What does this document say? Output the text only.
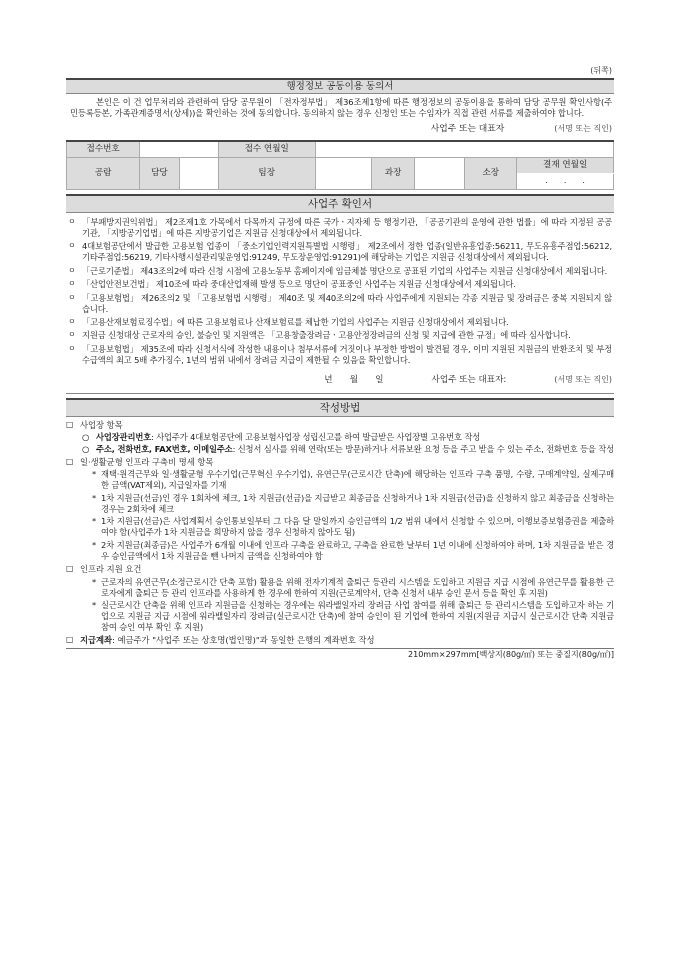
(뒤쪽)
행정정보 공동이용 동의서
본인은 이 건 업무처리와 관련하여 담당 공무원이 「전자정부법」 제36조제1항에 따른 행정정보의 공동이용을 통하여 담당 공무원 확인사항(주민등록등본, 가족관계증명서(상세))을 확인하는 것에 동의합니다. 동의하지 않는 경우 신청인 또는 수임자가 직접 관련 서류를 제출하여야 합니다.
사업주 또는 대표자	(서명 또는 직인)
접수번호			접수 연월일					
공람	담당		팀장		과장		소장	결재 연월일
								.　　.　　.
사업주 확인서
ㅇ 「부패방지권익위법」 제2조제1호 가목에서 다목까지 규정에 따른 국가ㆍ지자체 등 행정기관, 「공공기관의 운영에 관한 법률」에 따라 지정된 공공기관, 「지방공기업법」에 따른 지방공기업은 지원금 신청대상에서 제외됩니다.
ㅇ 4대보험공단에서 발급한 고용보험 업종이 「중소기업인력지원특별법 시행령」 제2조에서 정한 업종(일반유흥업종:56211, 무도유흥주점업:56212, 기타주점업:56219, 기타사행시설관리및운영업:91249, 무도장운영업:91291)에 해당하는 기업은 지원금 신청대상에서 제외됩니다.
ㅇ 「근로기준법」 제43조의2에 따라 신청 시점에 고용노동부 홈페이지에 임금체불 명단으로 공표된 기업의 사업주는 지원금 신청대상에서 제외됩니다.
ㅇ 「산업안전보건법」 제10조에 따라 중대산업재해 발생 등으로 명단이 공표중인 사업주는 지원금 신청대상에서 제외됩니다.
ㅇ 「고용보험법」 제26조의2 및 「고용보험법 시행령」 제40조 및 제40조의2에 따라 사업주에게 지원되는 각종 지원금 및 장려금은 중복 지원되지 않습니다.
ㅇ 「고용산재보험료징수법」에 따른 고용보험료나 산재보험료를 체납한 기업의 사업주는 지원금 신청대상에서 제외됩니다.
ㅇ 지원금 신청대상 근로자의 승인, 불승인 및 지원액은 「고용창출장려금ㆍ고용안정장려금의 신청 및 지급에 관한 규정」에 따라 심사합니다.
ㅇ 「고용보험법」 제35조에 따라 신청서식에 작성한 내용이나 첨부서류에 거짓이나 부정한 방법이 발견될 경우, 이미 지원된 지원금의 반환조치 및 부정수급액의 최고 5배 추가징수, 1년의 범위 내에서 장려금 지급이 제한될 수 있음을 확인합니다.
년　　월　　일	사업주 또는 대표자:	(서명 또는 직인)
작성방법
☐ 사업장 항목
○ 사업장관리번호: 사업주가 4대보험공단에 고용보험사업장 성립신고를 하여 발급받은 사업장별 고유번호 작성
○ 주소, 전화번호, FAX번호, 이메일주소: 신청서 심사를 위해 연락(또는 방문)하거나 서류보완 요청 등을 주고 받을 수 있는 주소, 전화번호 등을 작성
☐ 일·생활균형 인프라 구축비 명세 항목
* 재택·원격근무와 일·생활균형 우수기업(근무혁신 우수기업), 유연근무(근로시간 단축)에 해당하는 인프라 구축 품명, 수량, 구매계약일, 실제구매한 금액(VAT제외), 지급일자를 기재
* 1차 지원금(선금)인 경우 1회차에 체크, 1차 지원금(선금)을 지급받고 최종금을 신청하거나 1차 지원금(선금)을 신청하지 않고 최종금을 신청하는 경우는 2회차에 체크
* 1차 지원금(선금)은 사업계획서 승인통보일부터 그 다음 달 말일까지 승인금액의 1/2 범위 내에서 신청할 수 있으며, 이행보증보험증권을 제출하여야 함(사업주가 1차 지원금을 희망하지 않을 경우 신청하지 않아도 됨)
* 2차 지원금(최종금)은 사업주가 6개월 이내에 인프라 구축을 완료하고, 구축을 완료한 날부터 1년 이내에 신청하여야 하며, 1차 지원금을 받은 경우 승인금액에서 1차 지원금을 뺀 나머지 금액을 신청하여야 함
☐ 인프라 지원 요건
* 근로자의 유연근무(소정근로시간 단축 포함) 활용을 위해 전자기계적 출퇴근 등관리 시스템을 도입하고 지원금 지급 시점에 유연근무를 활용한 근로자에게 출퇴근 등 관리 인프라를 사용하게 한 경우에 한하여 지원(근로계약서, 단축 신청서 내부 승인 문서 등을 확인 후 지원)
* 실근로시간 단축을 위해 인프라 지원금을 신청하는 경우에는 워라밸일자리 장려금 사업 참여를 위해 출퇴근 등 관리시스템을 도입하고자 하는 기업으로 지원금 지급 시점에 워라밸일자리 장려금(실근로시간 단축)에 참여 승인이 된 기업에 한하여 지원(지원금 지급시 실근로시간 단축 지원금 참여 승인 여부 확인 후 지원)
☐ 지급계좌: 예금주가 "사업주 또는 상호명(법인명)"과 동일한 은행의 계좌번호 작성
210mm×297mm[백상지(80g/㎡) 또는 중질지(80g/㎡)]
